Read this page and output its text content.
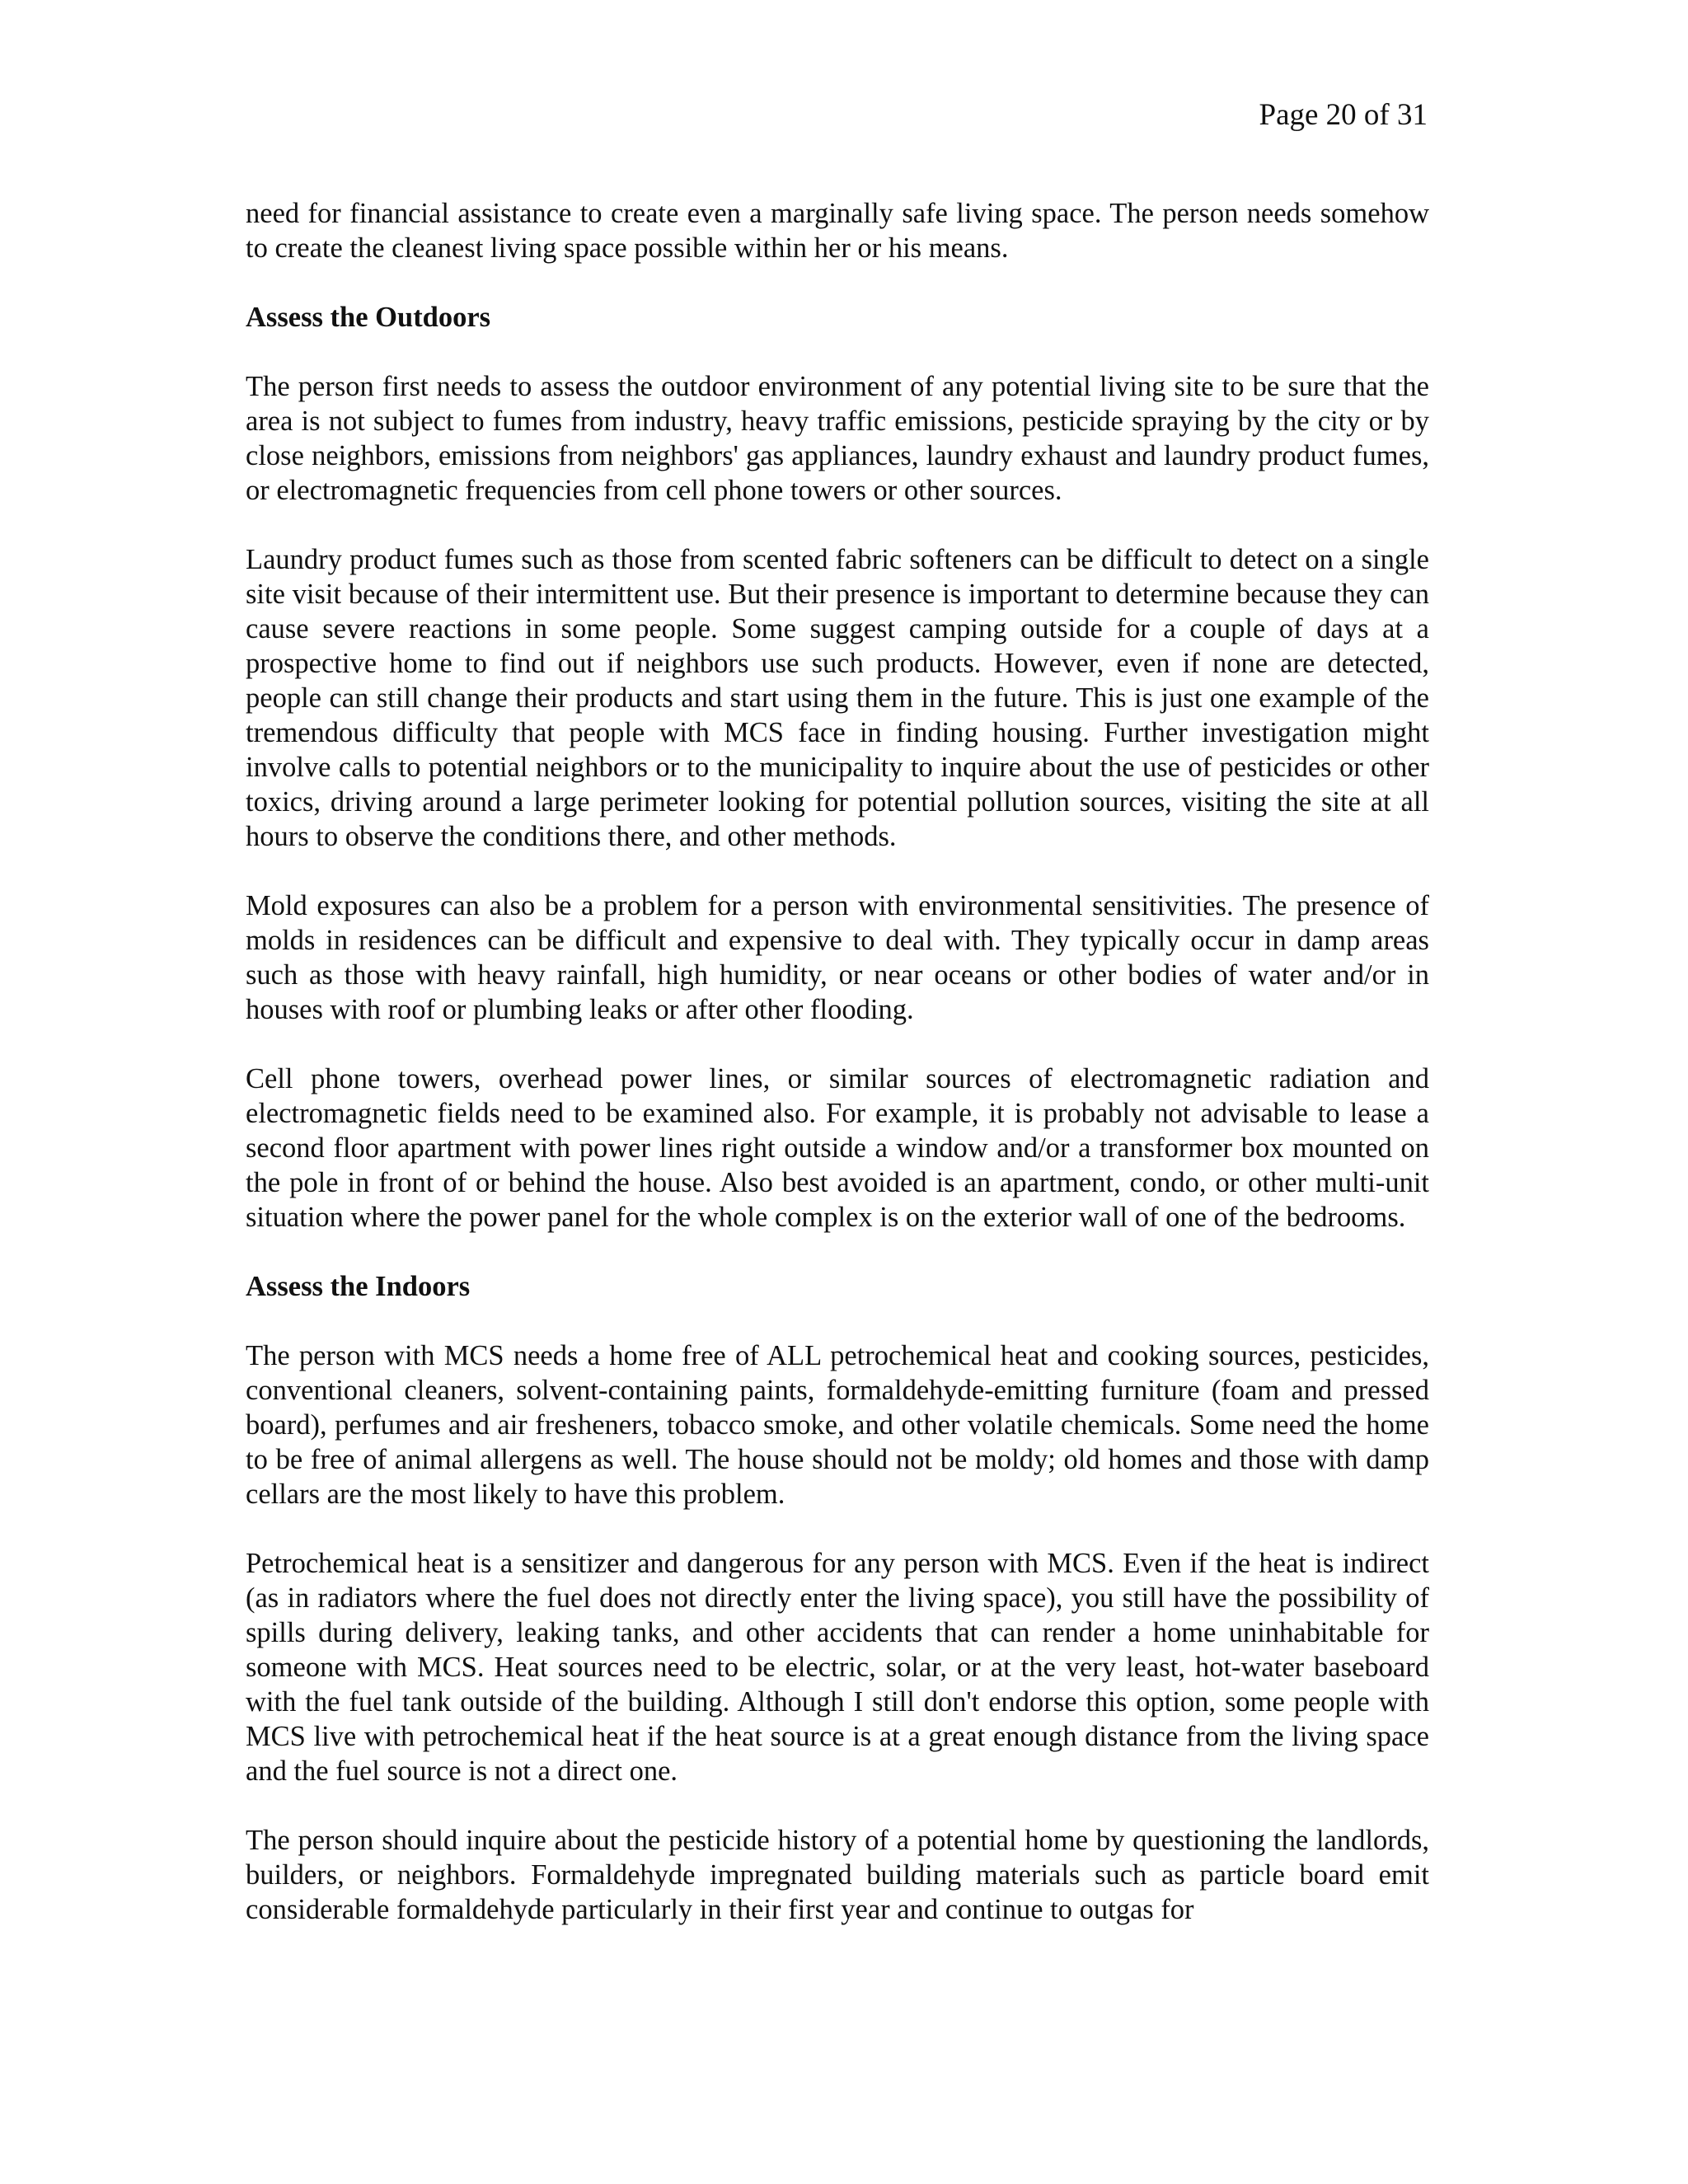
Page 20 of 31

need for financial assistance to create even a marginally safe living space. The person needs somehow to create the cleanest living space possible within her or his means.

Assess the Outdoors

The person first needs to assess the outdoor environment of any potential living site to be sure that the area is not subject to fumes from industry, heavy traffic emissions, pesticide spraying by the city or by close neighbors, emissions from neighbors' gas appliances, laundry exhaust and laundry product fumes, or electromagnetic frequencies from cell phone towers or other sources.

Laundry product fumes such as those from scented fabric softeners can be difficult to detect on a single site visit because of their intermittent use. But their presence is important to determine because they can cause severe reactions in some people. Some suggest camping outside for a couple of days at a prospective home to find out if neighbors use such products. However, even if none are detected, people can still change their products and start using them in the future. This is just one example of the tremendous difficulty that people with MCS face in finding housing. Further investigation might involve calls to potential neighbors or to the municipality to inquire about the use of pesticides or other toxics, driving around a large perimeter looking for potential pollution sources, visiting the site at all hours to observe the conditions there, and other methods.

Mold exposures can also be a problem for a person with environmental sensitivities. The presence of molds in residences can be difficult and expensive to deal with. They typically occur in damp areas such as those with heavy rainfall, high humidity, or near oceans or other bodies of water and/or in houses with roof or plumbing leaks or after other flooding.

Cell phone towers, overhead power lines, or similar sources of electromagnetic radiation and electromagnetic fields need to be examined also. For example, it is probably not advisable to lease a second floor apartment with power lines right outside a window and/or a transformer box mounted on the pole in front of or behind the house. Also best avoided is an apartment, condo, or other multi-unit situation where the power panel for the whole complex is on the exterior wall of one of the bedrooms.

Assess the Indoors

The person with MCS needs a home free of ALL petrochemical heat and cooking sources, pesticides, conventional cleaners, solvent-containing paints, formaldehyde-emitting furniture (foam and pressed board), perfumes and air fresheners, tobacco smoke, and other volatile chemicals. Some need the home to be free of animal allergens as well. The house should not be moldy; old homes and those with damp cellars are the most likely to have this problem.

Petrochemical heat is a sensitizer and dangerous for any person with MCS. Even if the heat is indirect (as in radiators where the fuel does not directly enter the living space), you still have the possibility of spills during delivery, leaking tanks, and other accidents that can render a home uninhabitable for someone with MCS. Heat sources need to be electric, solar, or at the very least, hot-water baseboard with the fuel tank outside of the building. Although I still don't endorse this option, some people with MCS live with petrochemical heat if the heat source is at a great enough distance from the living space and the fuel source is not a direct one.

The person should inquire about the pesticide history of a potential home by questioning the landlords, builders, or neighbors. Formaldehyde impregnated building materials such as particle board emit considerable formaldehyde particularly in their first year and continue to outgas for
